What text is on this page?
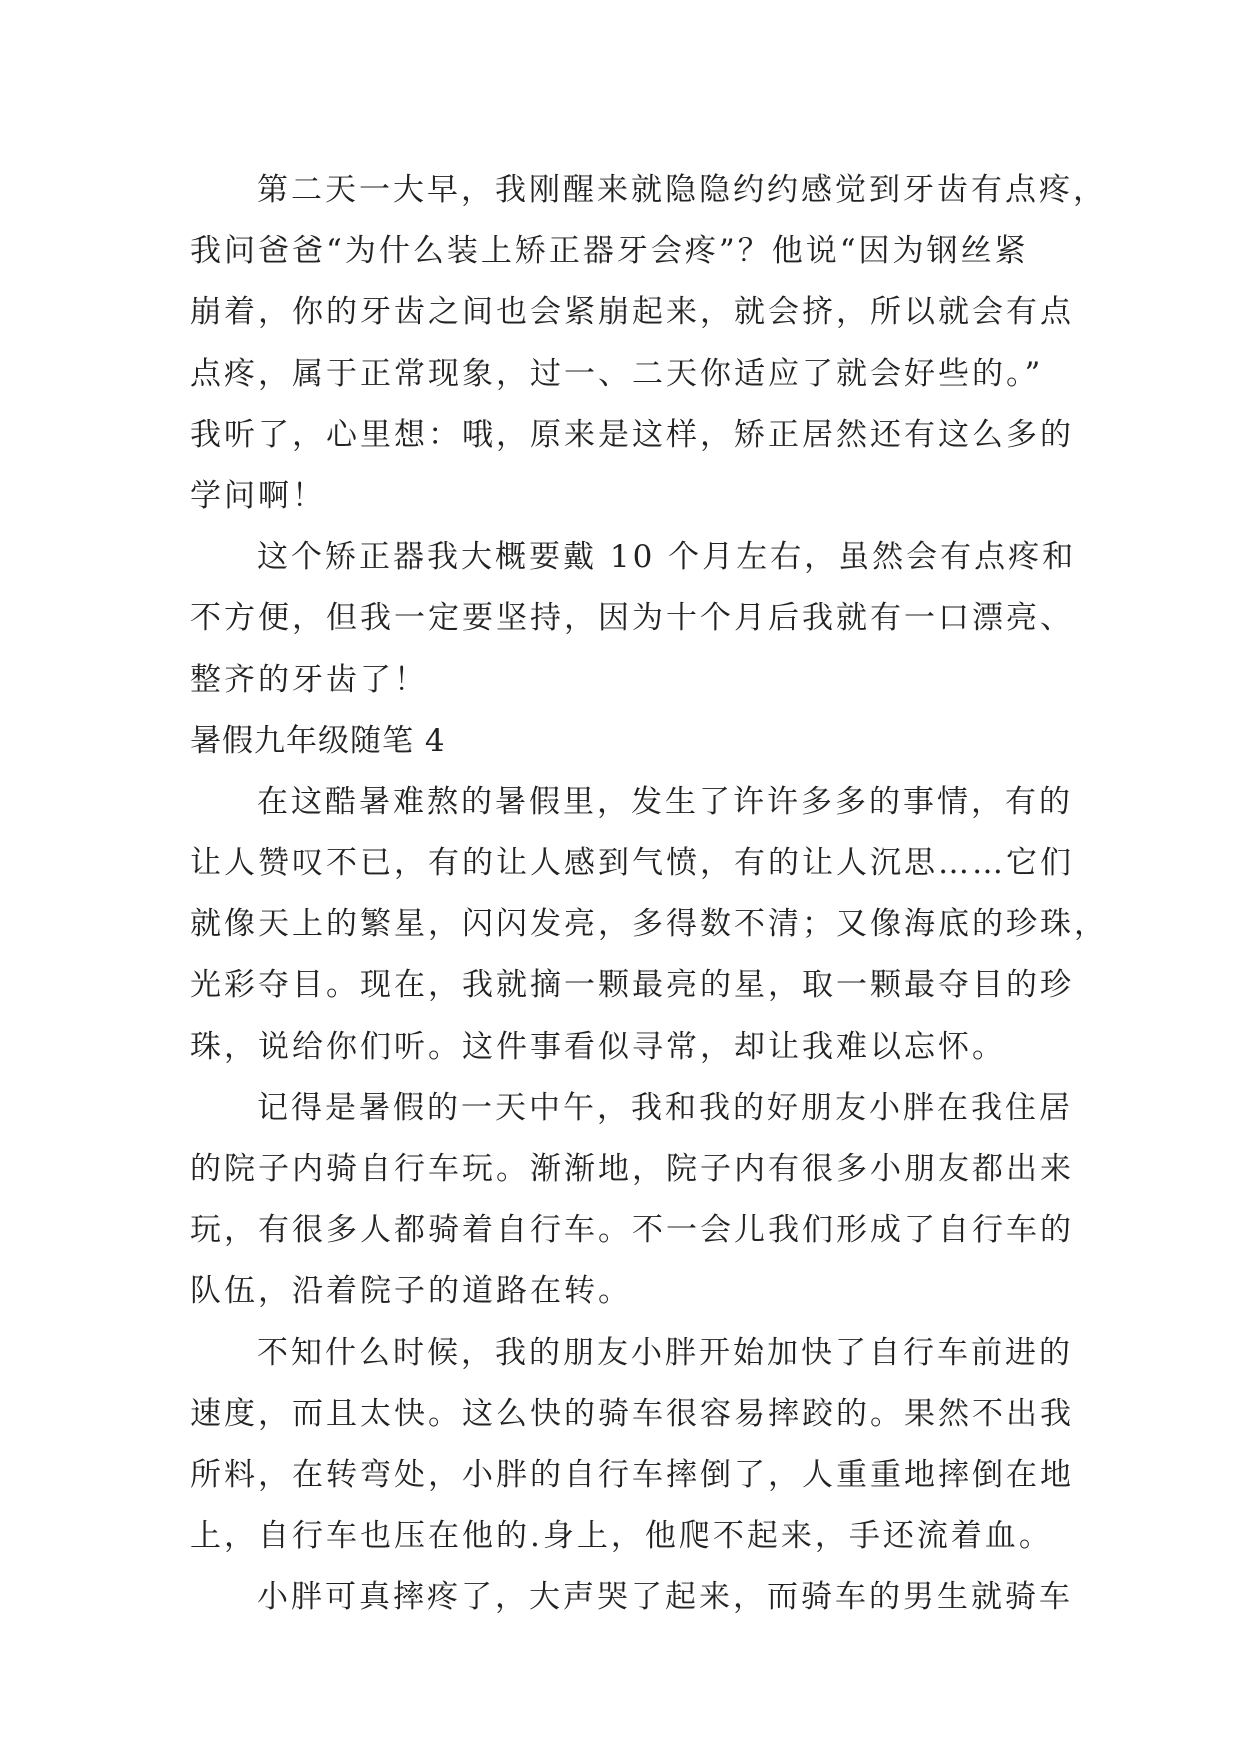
第二天一大早，我刚醒来就隐隐约约感觉到牙齿有点疼，
我问爸爸“为什么装上矫正器牙会疼”？他说“因为钢丝紧
崩着，你的牙齿之间也会紧崩起来，就会挤，所以就会有点
点疼，属于正常现象，过一、二天你适应了就会好些的。”
我听了，心里想：哦，原来是这样，矫正居然还有这么多的
学问啊！
这个矫正器我大概要戴 10 个月左右，虽然会有点疼和
不方便，但我一定要坚持，因为十个月后我就有一口漂亮、
整齐的牙齿了！
暑假九年级随笔 4
在这酷暑难熬的暑假里，发生了许许多多的事情，有的
让人赞叹不已，有的让人感到气愤，有的让人沉思……它们
就像天上的繁星，闪闪发亮，多得数不清；又像海底的珍珠，
光彩夺目。现在，我就摘一颗最亮的星，取一颗最夺目的珍
珠，说给你们听。这件事看似寻常，却让我难以忘怀。
记得是暑假的一天中午，我和我的好朋友小胖在我住居
的院子内骑自行车玩。渐渐地，院子内有很多小朋友都出来
玩，有很多人都骑着自行车。不一会儿我们形成了自行车的
队伍，沿着院子的道路在转。
不知什么时候，我的朋友小胖开始加快了自行车前进的
速度，而且太快。这么快的骑车很容易摔跤的。果然不出我
所料，在转弯处，小胖的自行车摔倒了，人重重地摔倒在地
上，自行车也压在他的.身上，他爬不起来，手还流着血。
小胖可真摔疼了，大声哭了起来，而骑车的男生就骑车
